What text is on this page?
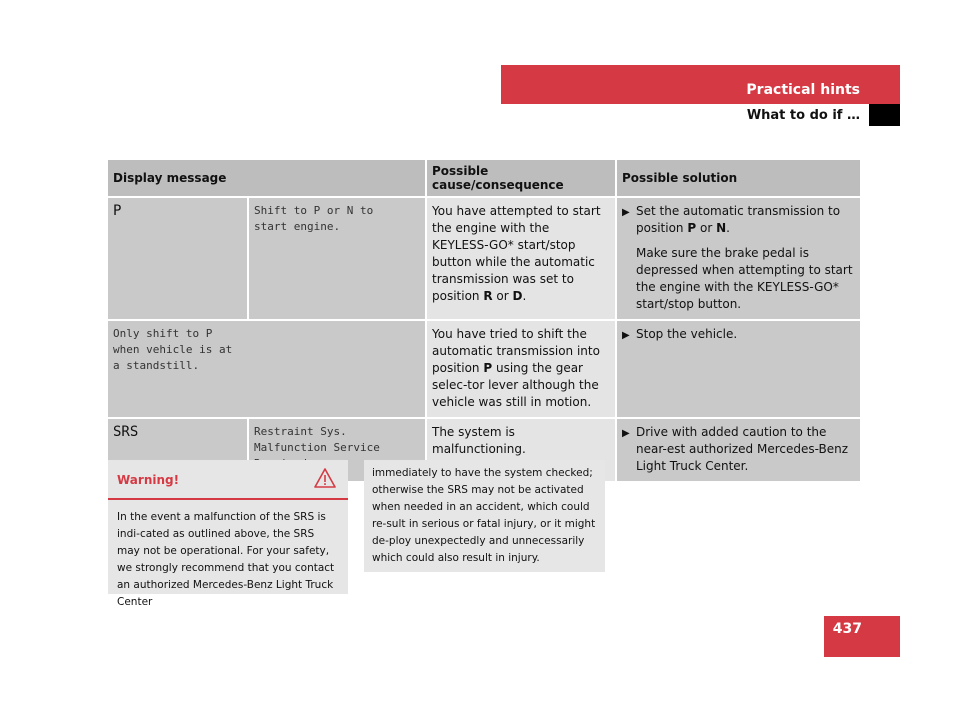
Practical hints
What to do if …
Display message		Possible cause/consequence	Possible solution
P	Shift to P or N to start engine.	You have attempted to start the engine with the KEYLESS-GO* start/stop button while the automatic transmission was set to position R or D.	▶ Set the automatic transmission to position P or N.
Make sure the brake pedal is depressed when attempting to start the engine with the KEYLESS-GO* start/stop button.

Only shift to P when vehicle is at a standstill.		You have tried to shift the automatic transmission into position P using the gear selec-tor lever although the vehicle was still in motion.	▶ Stop the vehicle.

SRS	Restraint Sys. Malfunction Service	The system is malfunctioning.	▶ Drive with added caution to the near-est authorized Mercedes-Benz Light Truck Center.
Warning!
In the event a malfunction of the SRS is indi-cated as outlined above, the SRS may not be operational. For your safety, we strongly recommend that you contact an authorized Mercedes-Benz Light Truck Center
immediately to have the system checked; otherwise the SRS may not be activated when needed in an accident, which could re-sult in serious or fatal injury, or it might de-ploy unexpectedly and unnecessarily which could also result in injury.
437
